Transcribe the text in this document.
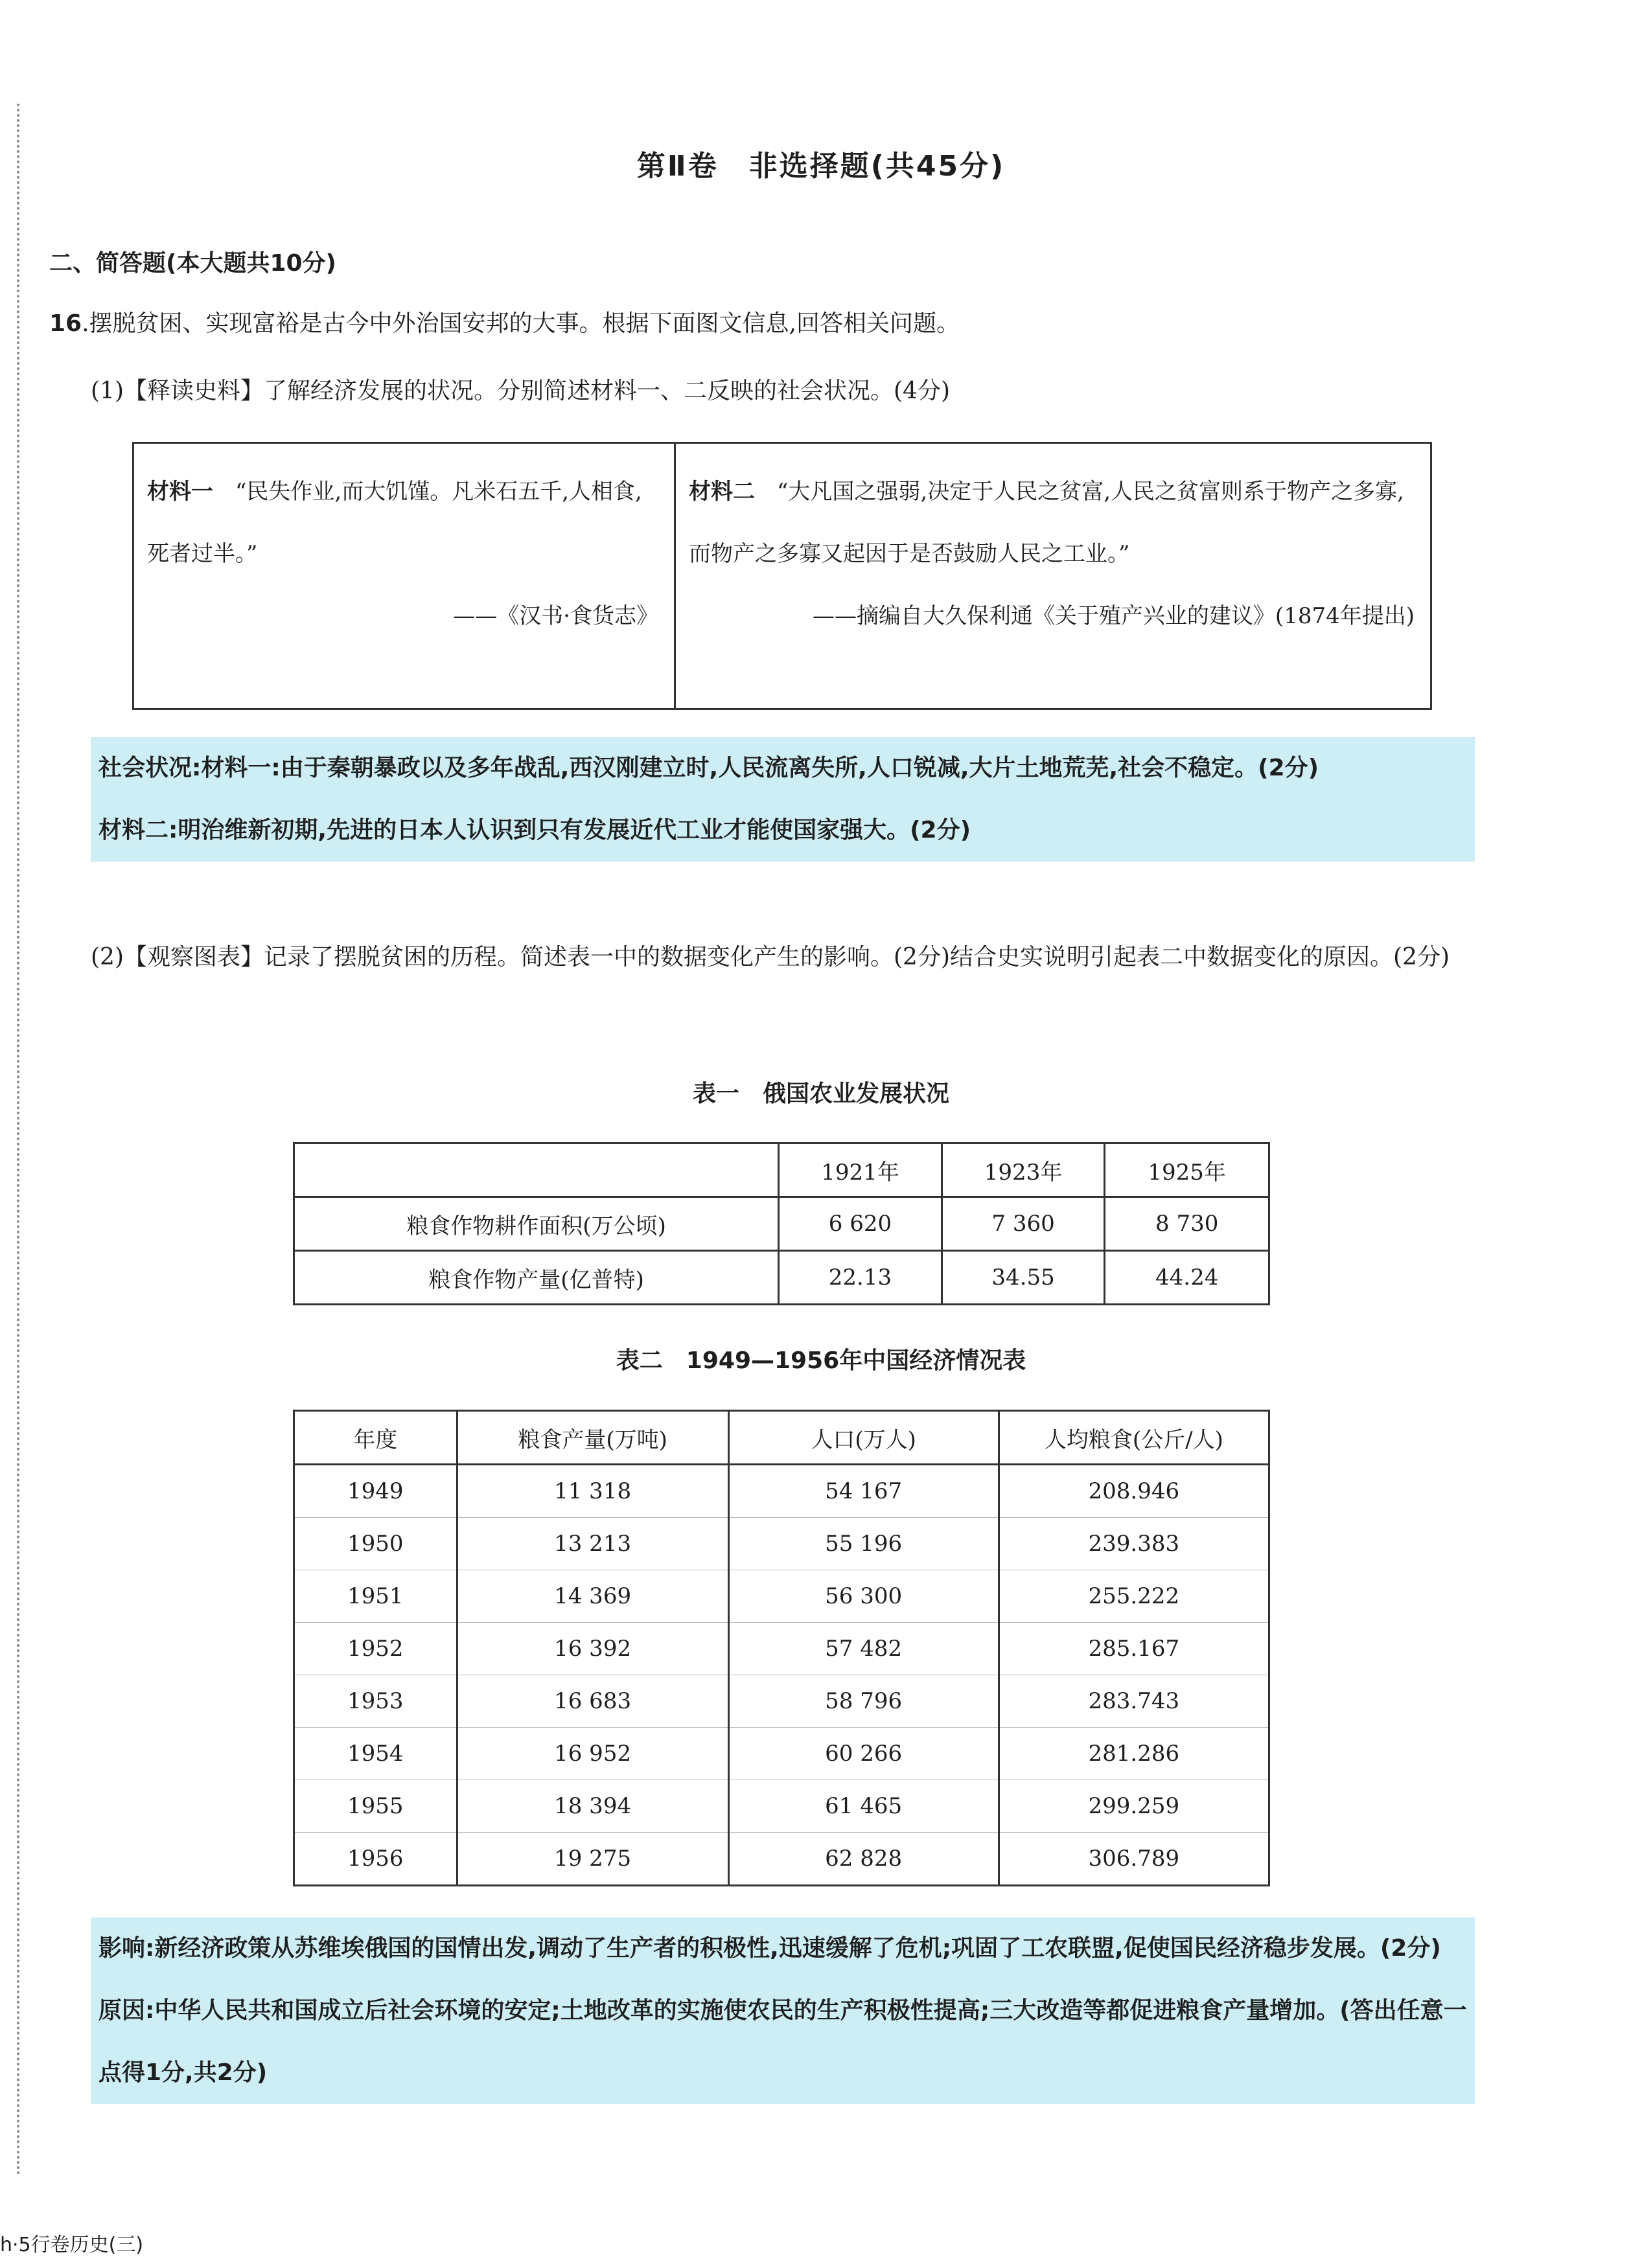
第Ⅱ卷　非选择题(共45分)
二、简答题(本大题共10分)
16.摆脱贫困、实现富裕是古今中外治国安邦的大事。根据下面图文信息,回答相关问题。
(1)【释读史料】了解经济发展的状况。分别简述材料一、二反映的社会状况。(4分)
材料一　 “民失作业,而大饥馑。凡米石五千,人相食,死者过半。”
——《汉书·食货志》
材料二　 “大凡国之强弱,决定于人民之贫富,人民之贫富则系于物产之多寡,而物产之多寡又起因于是否鼓励人民之工业。”
——摘编自大久保利通《关于殖产兴业的建议》(1874年提出)
社会状况:材料一:由于秦朝暴政以及多年战乱,西汉刚建立时,人民流离失所,人口锐减,大片土地荒芜,社会不稳定。(2分)
材料二:明治维新初期,先进的日本人认识到只有发展近代工业才能使国家强大。(2分)
(2)【观察图表】记录了摆脱贫困的历程。简述表一中的数据变化产生的影响。(2分)结合史实说明引起表二中数据变化的原因。(2分)
表一　俄国农业发展状况
	1921年	1923年	1925年
粮食作物耕作面积(万公顷)	6 620	7 360	8 730
粮食作物产量(亿普特)	22.13	34.55	44.24
表二　1949—1956年中国经济情况表
年度	粮食产量(万吨)	人口(万人)	人均粮食(公斤/人)
1949	11 318	54 167	208.946
1950	13 213	55 196	239.383
1951	14 369	56 300	255.222
1952	16 392	57 482	285.167
1953	16 683	58 796	283.743
1954	16 952	60 266	281.286
1955	18 394	61 465	299.259
1956	19 275	62 828	306.789
影响:新经济政策从苏维埃俄国的国情出发,调动了生产者的积极性,迅速缓解了危机;巩固了工农联盟,促使国民经济稳步发展。(2分)
原因:中华人民共和国成立后社会环境的安定;土地改革的实施使农民的生产积极性提高;三大改造等都促进粮食产量增加。(答出任意一点得1分,共2分)
h·5行卷历史(三)
